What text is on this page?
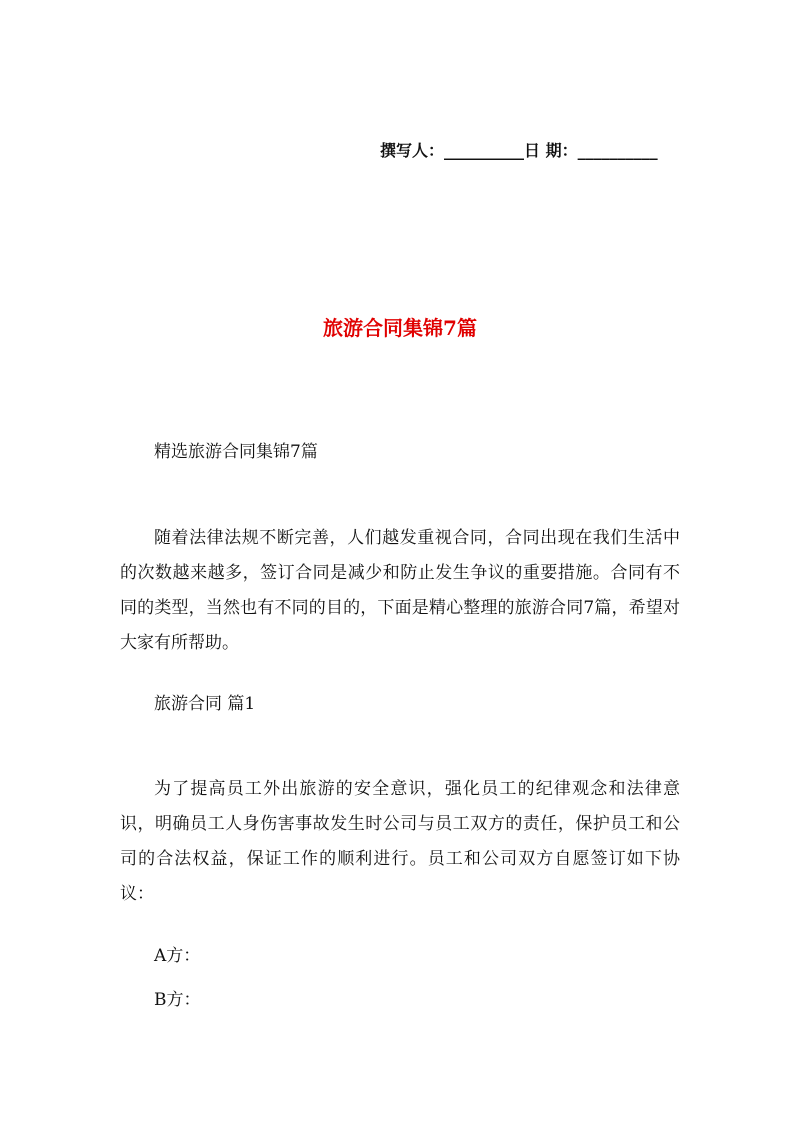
撰写人：__________日 期：__________
旅游合同集锦7篇
精选旅游合同集锦7篇
随着法律法规不断完善，人们越发重视合同，合同出现在我们生活中的次数越来越多，签订合同是减少和防止发生争议的重要措施。合同有不同的类型，当然也有不同的目的，下面是精心整理的旅游合同7篇，希望对大家有所帮助。
旅游合同 篇1
为了提高员工外出旅游的安全意识，强化员工的纪律观念和法律意识，明确员工人身伤害事故发生时公司与员工双方的责任，保护员工和公司的合法权益，保证工作的顺利进行。员工和公司双方自愿签订如下协议：
A方：
B方：
